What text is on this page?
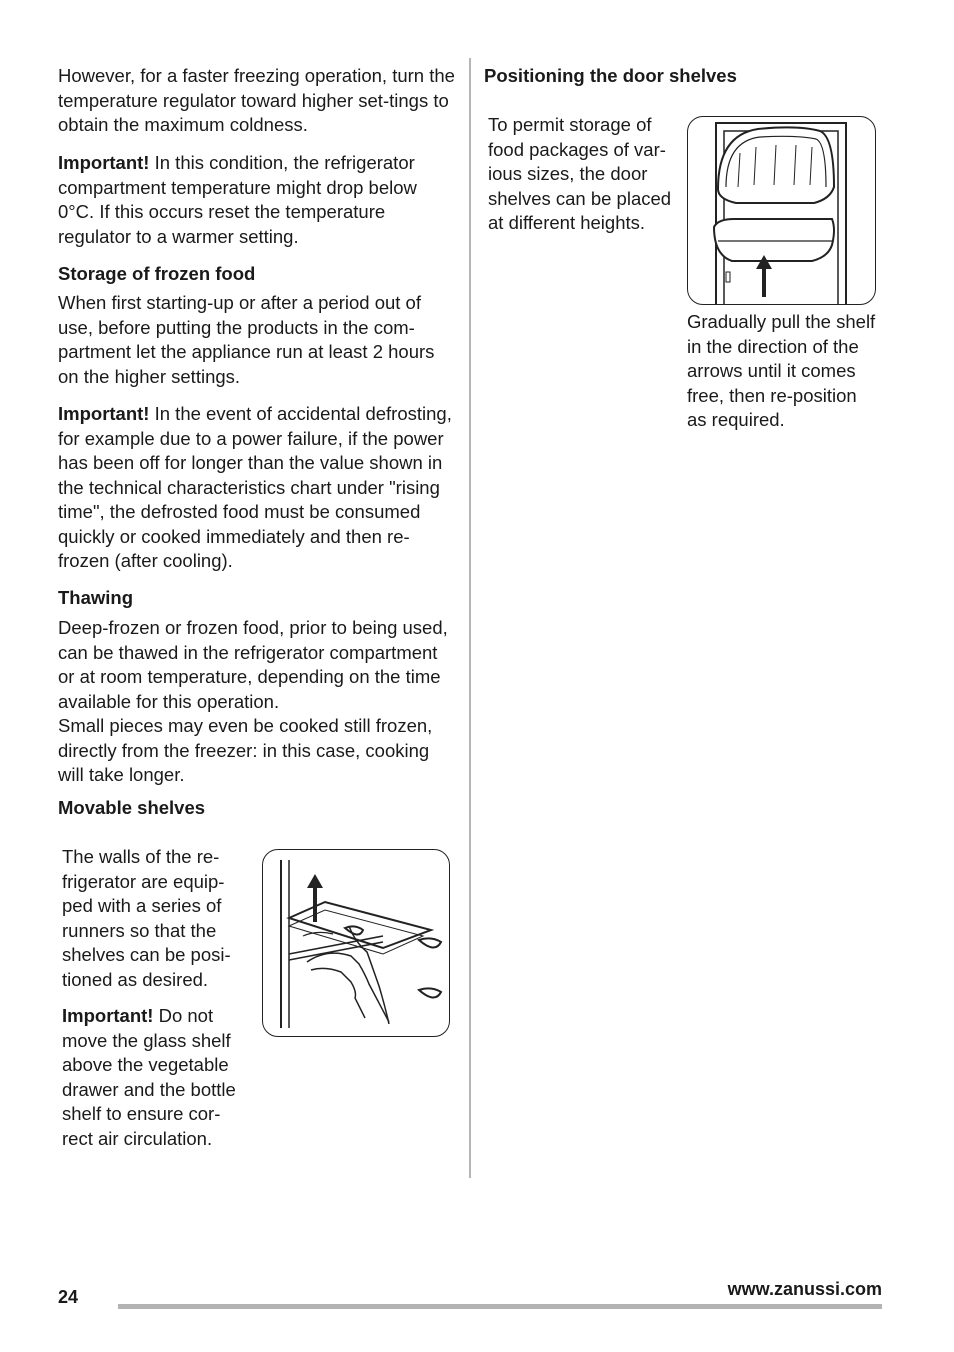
However, for a faster freezing operation, turn the temperature regulator toward higher set-tings to obtain the maximum coldness.

Important! In this condition, the refrigerator compartment temperature might drop below 0°C. If this occurs reset the temperature regulator to a warmer setting.

Storage of frozen food

When first starting-up or after a period out of use, before putting the products in the com-partment let the appliance run at least 2 hours on the higher settings.

Important! In the event of accidental defrosting, for example due to a power failure, if the power has been off for longer than the value shown in the technical characteristics chart under "rising time", the defrosted food must be consumed quickly or cooked immediately and then re-frozen (after cooling).

Thawing

Deep-frozen or frozen food, prior to being used, can be thawed in the refrigerator compartment or at room temperature, depending on the time available for this operation.

Small pieces may even be cooked still frozen, directly from the freezer: in this case, cooking will take longer.

Movable shelves

The walls of the re-frigerator are equip-ped with a series of runners so that the shelves can be posi-tioned as desired.

Important! Do not move the glass shelf above the vegetable drawer and the bottle shelf to ensure cor-rect air circulation.

Positioning the door shelves

To permit storage of food packages of var-ious sizes, the door shelves can be placed at different heights.

Gradually pull the shelf in the direction of the arrows until it comes free, then re-position as required.

24	www.zanussi.com
